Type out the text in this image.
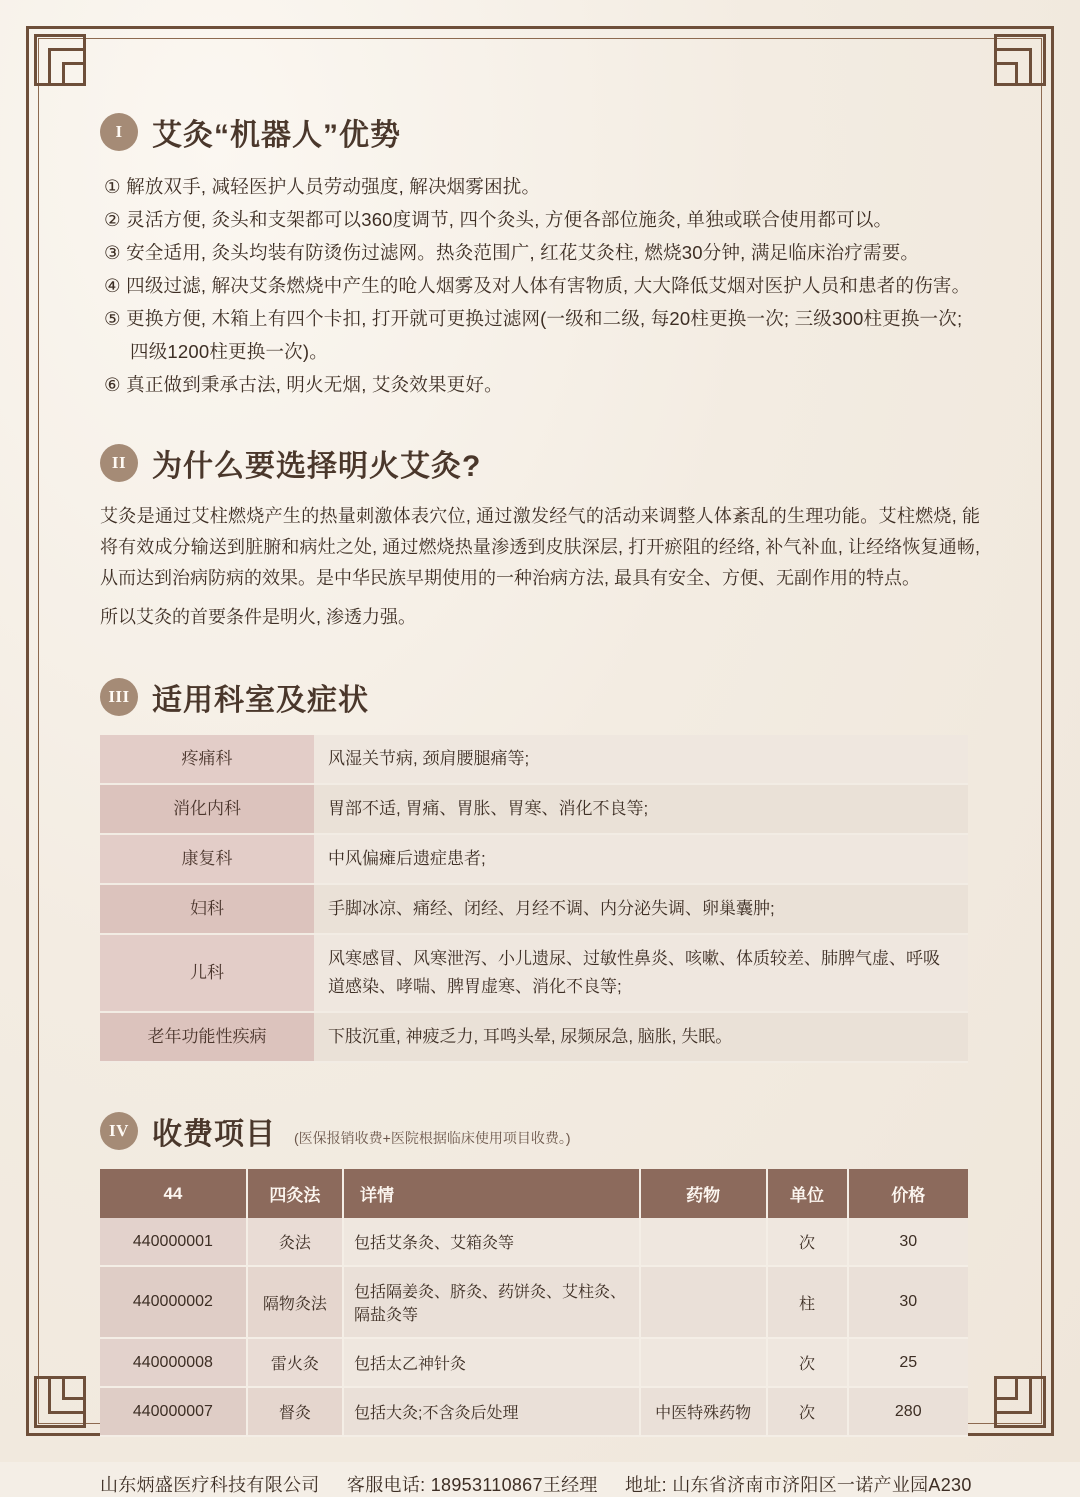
I 艾灸“机器人”优势
① 解放双手, 减轻医护人员劳动强度, 解决烟雾困扰。
② 灵活方便, 灸头和支架都可以360度调节, 四个灸头, 方便各部位施灸, 单独或联合使用都可以。
③ 安全适用, 灸头均装有防烫伤过滤网。热灸范围广, 红花艾灸柱, 燃烧30分钟, 满足临床治疗需要。
④ 四级过滤, 解决艾条燃烧中产生的呛人烟雾及对人体有害物质, 大大降低艾烟对医护人员和患者的伤害。
⑤ 更换方便, 木箱上有四个卡扣, 打开就可更换过滤网(一级和二级, 每20柱更换一次; 三级300柱更换一次;
四级1200柱更换一次)。
⑥ 真正做到秉承古法, 明火无烟, 艾灸效果更好。
II 为什么要选择明火艾灸?

艾灸是通过艾柱燃烧产生的热量刺激体表穴位, 通过激发经气的活动来调整人体紊乱的生理功能。艾柱燃烧, 能将有效成分输送到脏腑和病灶之处, 通过燃烧热量渗透到皮肤深层, 打开瘀阻的经络, 补气补血, 让经络恢复通畅, 从而达到治病防病的效果。是中华民族早期使用的一种治病方法, 最具有安全、方便、无副作用的特点。

所以艾灸的首要条件是明火, 渗透力强。

III 适用科室及症状
疼痛科	风湿关节病, 颈肩腰腿痛等;
消化内科	胃部不适, 胃痛、胃胀、胃寒、消化不良等;
康复科	中风偏瘫后遗症患者;
妇科	手脚冰凉、痛经、闭经、月经不调、内分泌失调、卵巢囊肿;
儿科	风寒感冒、风寒泄泻、小儿遗尿、过敏性鼻炎、咳嗽、体质较差、肺脾气虚、呼吸道感染、哮喘、脾胃虚寒、消化不良等;
老年功能性疾病	下肢沉重, 神疲乏力, 耳鸣头晕, 尿频尿急, 脑胀, 失眠。
IV 收费项目 (医保报销收费+医院根据临床使用项目收费。)
44	四灸法	详情	药物	单位	价格
440000001	灸法	包括艾条灸、艾箱灸等		次	30
440000002	隔物灸法	包括隔姜灸、脐灸、药饼灸、艾柱灸、隔盐灸等		柱	30
440000008	雷火灸	包括太乙神针灸		次	25
440000007	督灸	包括大灸;不含灸后处理	中医特殊药物	次	280
山东炳盛医疗科技有限公司 客服电话: 18953110867王经理 地址: 山东省济南市济阳区一诺产业园A230
